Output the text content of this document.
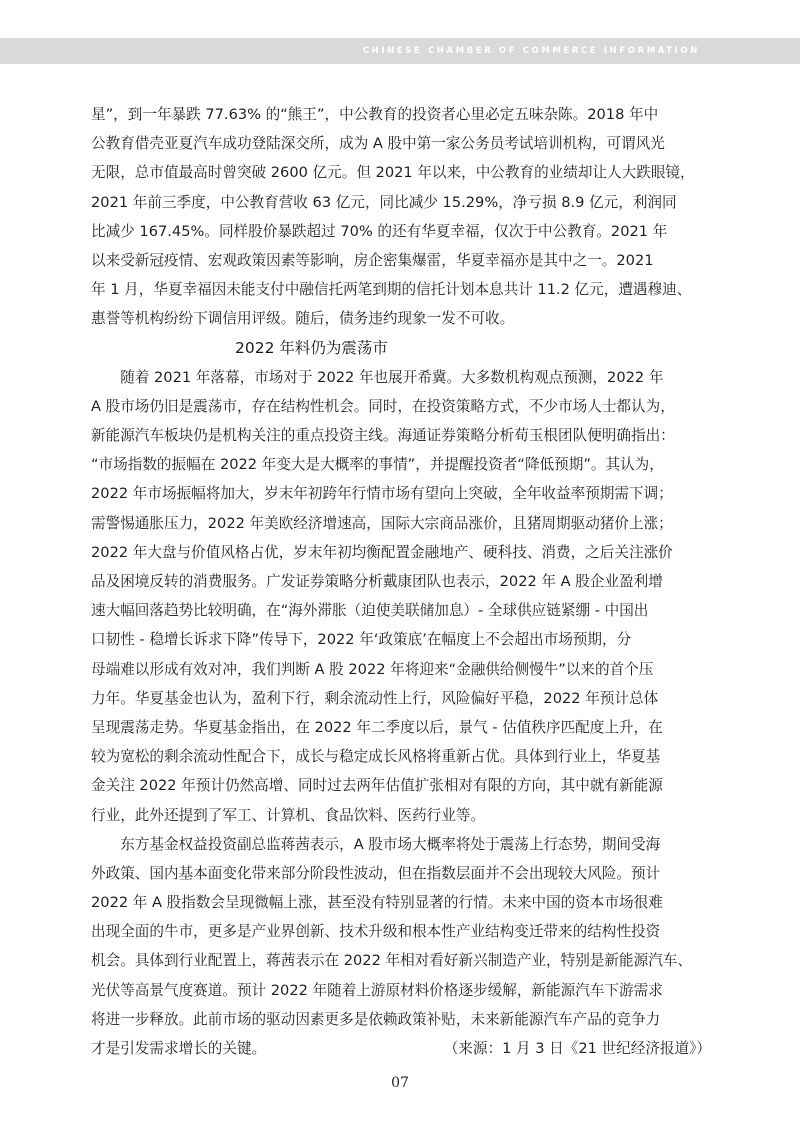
CHINESE CHAMBER OF COMMERCE INFORMATION
星”，到一年暴跌 77.63% 的“熊王”，中公教育的投资者心里必定五味杂陈。2018 年中
公教育借壳亚夏汽车成功登陆深交所，成为 A 股中第一家公务员考试培训机构，可谓风光
无限，总市值最高时曾突破 2600 亿元。但 2021 年以来，中公教育的业绩却让人大跌眼镜，
2021 年前三季度，中公教育营收 63 亿元，同比减少 15.29%，净亏损 8.9 亿元，利润同
比减少 167.45%。同样股价暴跌超过 70% 的还有华夏幸福，仅次于中公教育。2021 年
以来受新冠疫情、宏观政策因素等影响，房企密集爆雷，华夏幸福亦是其中之一。2021
年 1 月，华夏幸福因未能支付中融信托两笔到期的信托计划本息共计 11.2 亿元，遭遇穆迪、
惠誉等机构纷纷下调信用评级。随后，债务违约现象一发不可收。
2022 年料仍为震荡市
　　随着 2021 年落幕，市场对于 2022 年也展开希冀。大多数机构观点预测，2022 年
A 股市场仍旧是震荡市，存在结构性机会。同时，在投资策略方式，不少市场人士都认为，
新能源汽车板块仍是机构关注的重点投资主线。海通证券策略分析荀玉根团队便明确指出：
“市场指数的振幅在 2022 年变大是大概率的事情”，并提醒投资者“降低预期”。其认为，
2022 年市场振幅将加大，岁末年初跨年行情市场有望向上突破，全年收益率预期需下调；
需警惕通胀压力，2022 年美欧经济增速高，国际大宗商品涨价，且猪周期驱动猪价上涨；
2022 年大盘与价值风格占优，岁末年初均衡配置金融地产、硬科技、消费，之后关注涨价
品及困境反转的消费服务。广发证券策略分析戴康团队也表示，2022 年 A 股企业盈利增
速大幅回落趋势比较明确，在“海外滞胀（迫使美联储加息）- 全球供应链紧绷 - 中国出
口韧性 - 稳增长诉求下降”传导下，2022 年‘政策底’在幅度上不会超出市场预期，分
母端难以形成有效对冲，我们判断 A 股 2022 年将迎来“金融供给侧慢牛”以来的首个压
力年。华夏基金也认为，盈利下行，剩余流动性上行，风险偏好平稳，2022 年预计总体
呈现震荡走势。华夏基金指出，在 2022 年二季度以后，景气 - 估值秩序匹配度上升，在
较为宽松的剩余流动性配合下，成长与稳定成长风格将重新占优。具体到行业上，华夏基
金关注 2022 年预计仍然高增、同时过去两年估值扩张相对有限的方向，其中就有新能源
行业，此外还提到了军工、计算机、食品饮料、医药行业等。
　　东方基金权益投资副总监蒋茜表示，A 股市场大概率将处于震荡上行态势，期间受海
外政策、国内基本面变化带来部分阶段性波动，但在指数层面并不会出现较大风险。预计
2022 年 A 股指数会呈现微幅上涨，甚至没有特别显著的行情。未来中国的资本市场很难
出现全面的牛市，更多是产业界创新、技术升级和根本性产业结构变迁带来的结构性投资
机会。具体到行业配置上，蒋茜表示在 2022 年相对看好新兴制造产业，特别是新能源汽车、
光伏等高景气度赛道。预计 2022 年随着上游原材料价格逐步缓解，新能源汽车下游需求
将进一步释放。此前市场的驱动因素更多是依赖政策补贴，未来新能源汽车产品的竞争力
才是引发需求增长的关键。	（来源：1 月 3 日《21 世纪经济报道》）
07
